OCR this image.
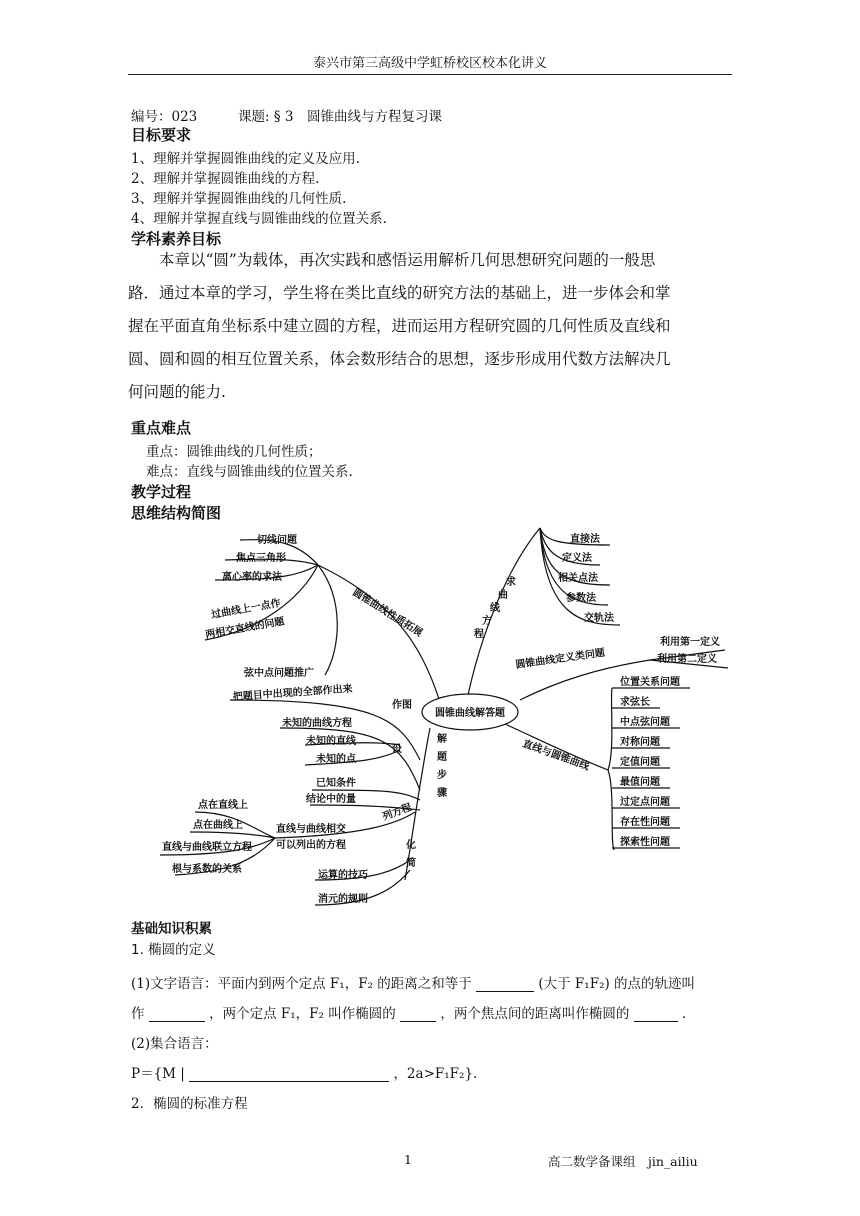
泰兴市第三高级中学虹桥校区校本化讲义
编号：023	课题: § 3　圆锥曲线与方程复习课
目标要求
1、理解并掌握圆锥曲线的定义及应用.
2、理解并掌握圆锥曲线的方程.
3、理解并掌握圆锥曲线的几何性质.
4、理解并掌握直线与圆锥曲线的位置关系.
学科素养目标

本章以“圆”为载体，再次实践和感悟运用解析几何思想研究问题的一般思

路．通过本章的学习，学生将在类比直线的研究方法的基础上，进一步体会和掌

握在平面直角坐标系中建立圆的方程，进而运用方程研究圆的几何性质及直线和

圆、圆和圆的相互位置关系，体会数形结合的思想，逐步形成用代数方法解决几

何问题的能力.

重点难点
重点：圆锥曲线的几何性质；
难点：直线与圆锥曲线的位置关系.
教学过程
思维结构简图
圆锥曲线解答题
圆锥曲线性质拓展
切线问题
焦点三角形
离心率的求法
过曲线上一点作
两相交直线的问题
弦中点问题推广
求
曲
线
方
程
直接法
定义法
相关点法
参数法
交轨法
圆锥曲线定义类问题
利用第一定义
利用第二定义
直线与圆锥曲线
位置关系问题
求弦长
中点弦问题
对称问题
定值问题
最值问题
过定点问题
存在性问题
探索性问题
解
题
步
骤
作图
把题目中出现的全部作出来
设
未知的曲线方程
未知的直线
未知的点
列方程
已知条件
结论中的量
直线与曲线相交
可以列出的方程
点在直线上
点在曲线上
直线与曲线联立方程
根与系数的关系
化
简
运算的技巧
消元的规则
基础知识积累
1. 椭圆的定义
(1)文字语言：平面内到两个定点 F₁，F₂ 的距离之和等于	(大于 F₁F₂) 的点的轨迹叫
作	，两个定点 F₁，F₂ 叫作椭圆的	，两个焦点间的距离叫作椭圆的	.
(2)集合语言：
P＝{M |	，2a>F₁F₂}.
2．椭圆的标准方程
1	高二数学备课组　jin_ailiu
